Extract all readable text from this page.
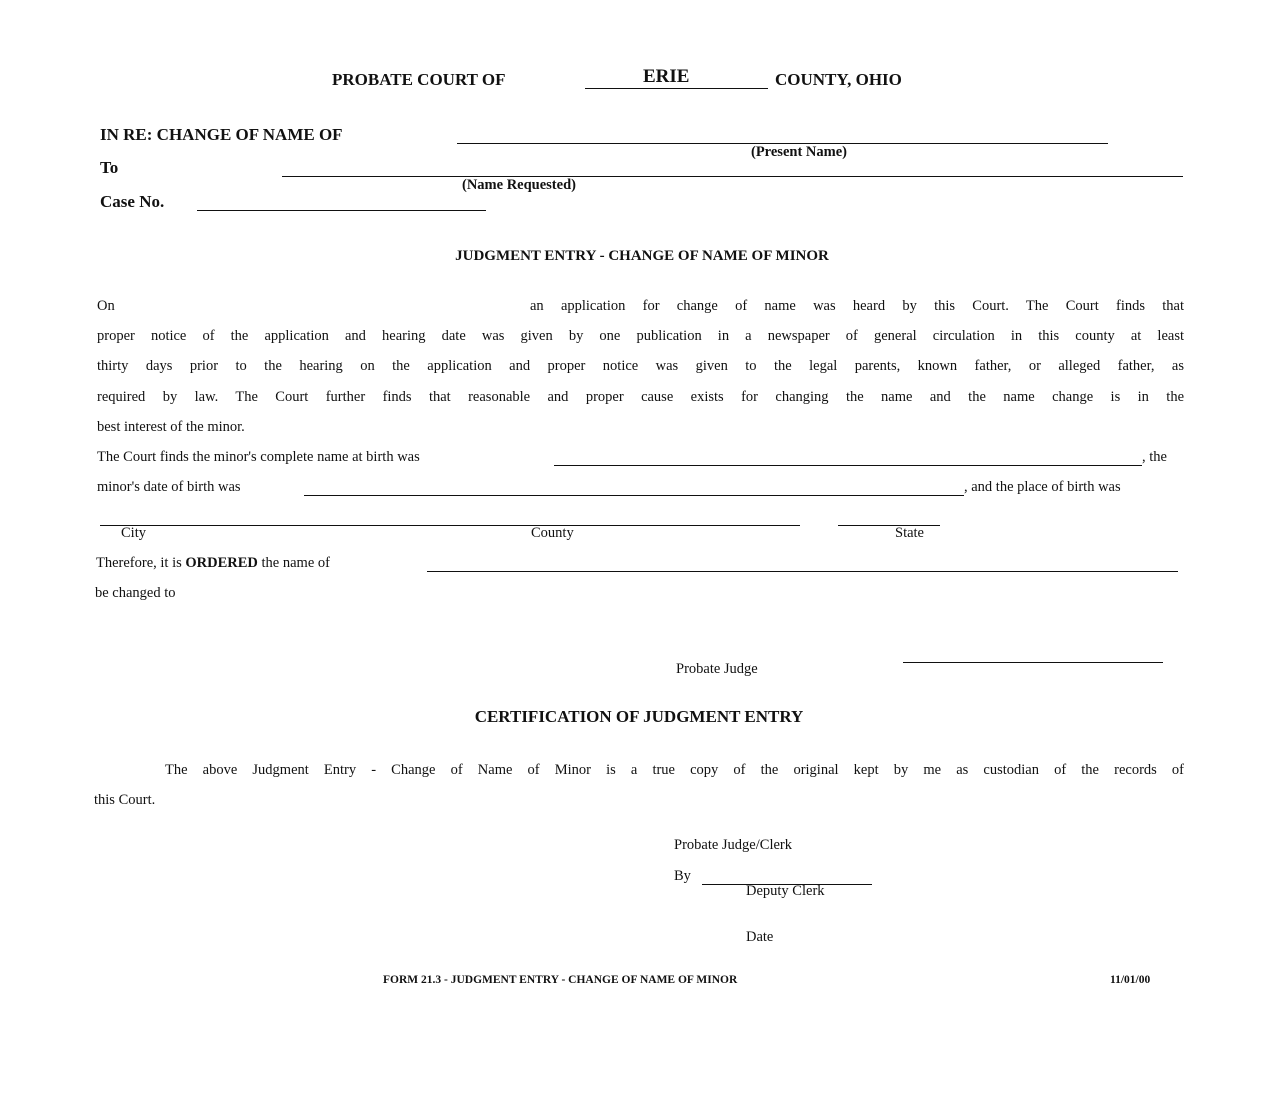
PROBATE COURT OF	ERIE	COUNTY, OHIO
IN RE: CHANGE OF NAME OF
(Present Name)
To
(Name Requested)
Case No.
JUDGMENT ENTRY - CHANGE OF NAME OF MINOR
On	an application for change of name was heard by this Court. The Court finds that
proper notice of the application and hearing date was given by one publication in a newspaper of general circulation in this county at least
thirty days prior to the hearing on the application and proper notice was given to the legal parents, known father, or alleged father, as
required by law. The Court further finds that reasonable and proper cause exists for changing the name and the name change is in the
best interest of the minor.
The Court finds the minor's complete name at birth was	, the
minor's date of birth was	, and the place of birth was
City	County	State
Therefore, it is ORDERED the name of
be changed to
Probate Judge
CERTIFICATION OF JUDGMENT ENTRY
The above Judgment Entry - Change of Name of Minor is a true copy of the original kept by me as custodian of the records of
this Court.
Probate Judge/Clerk
By
Deputy Clerk
Date
FORM 21.3 - JUDGMENT ENTRY - CHANGE OF NAME OF MINOR	11/01/00
